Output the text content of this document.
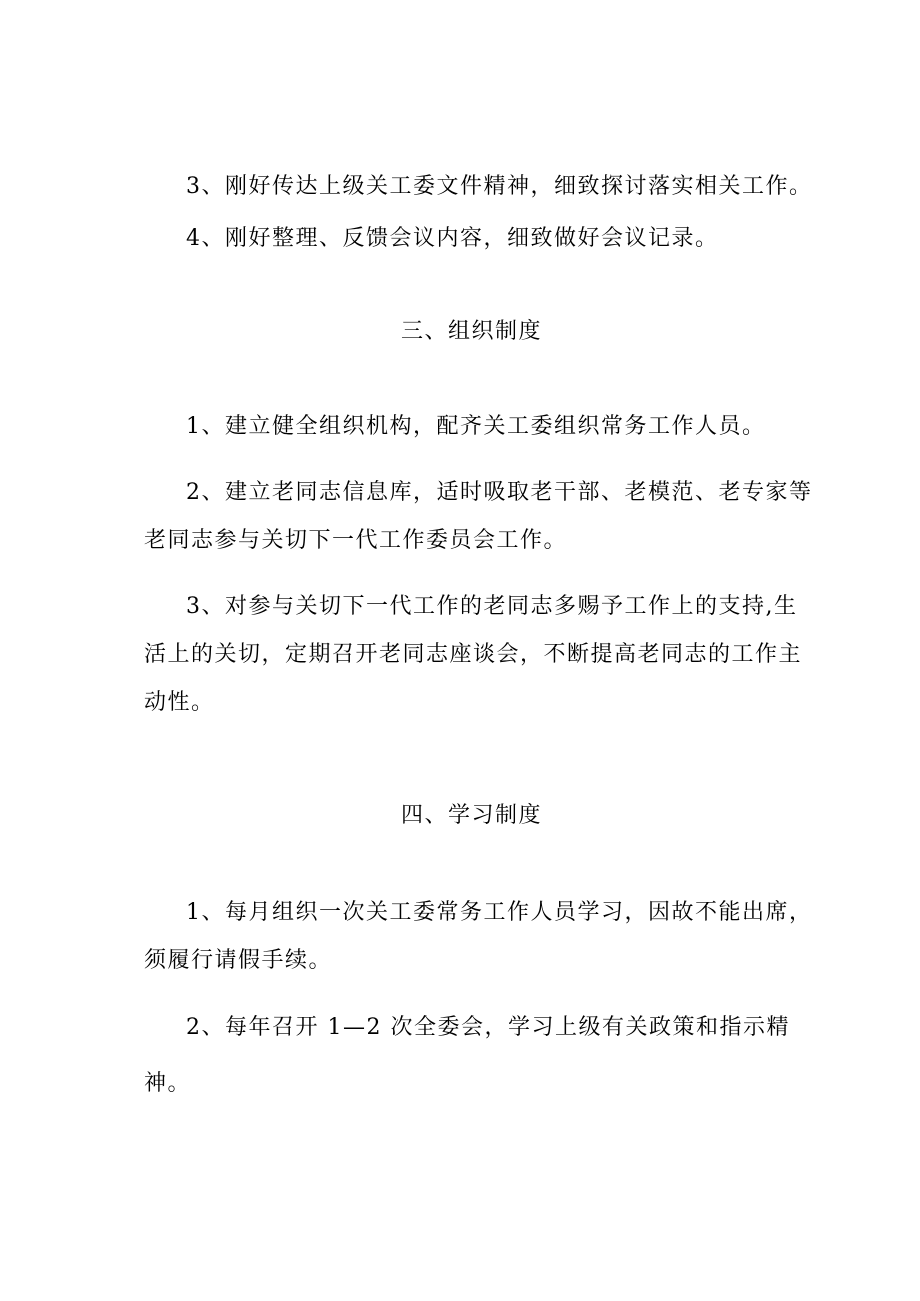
3、刚好传达上级关工委文件精神，细致探讨落实相关工作。
4、刚好整理、反馈会议内容，细致做好会议记录。
三、组织制度
1、建立健全组织机构，配齐关工委组织常务工作人员。
2、建立老同志信息库，适时吸取老干部、老模范、老专家等
老同志参与关切下一代工作委员会工作。
3、对参与关切下一代工作的老同志多赐予工作上的支持,生
活上的关切，定期召开老同志座谈会，不断提高老同志的工作主
动性。
四、学习制度
1、每月组织一次关工委常务工作人员学习，因故不能出席，
须履行请假手续。
2、每年召开 1—2 次全委会，学习上级有关政策和指示精
神。
